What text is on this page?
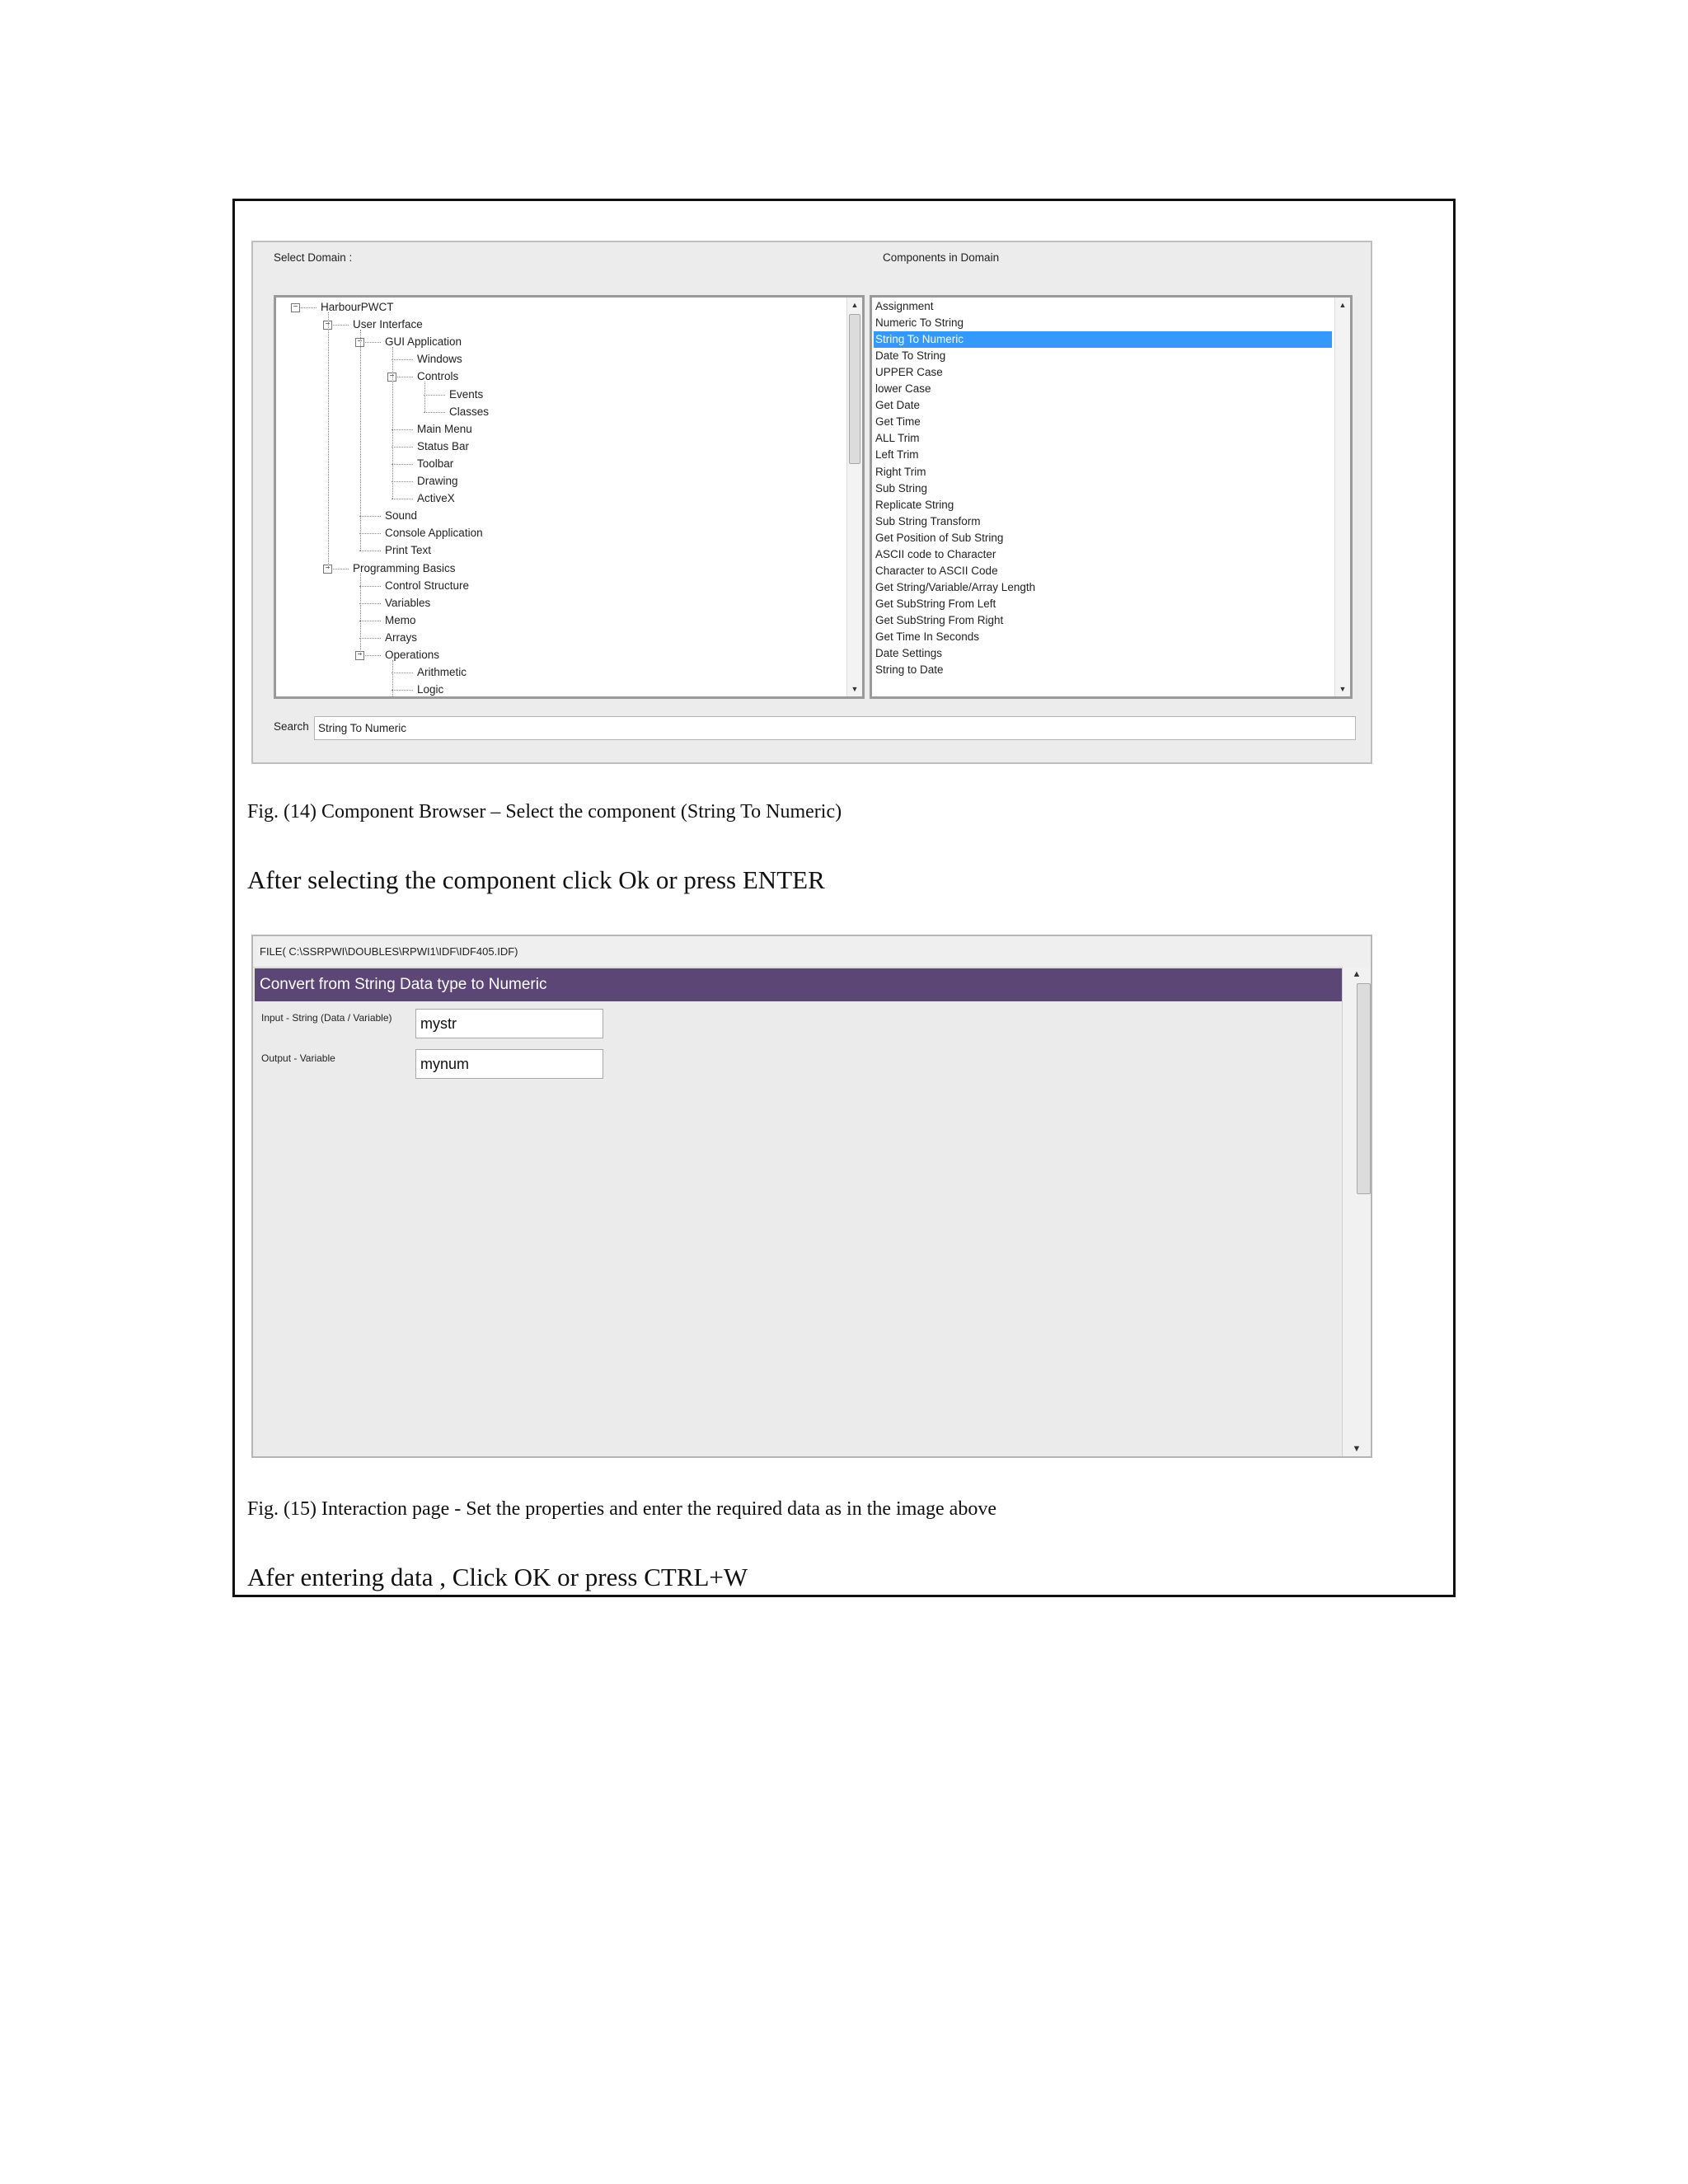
Select Domain :	Components in Domain
− HarbourPWCT
− User Interface
− GUI Application
Windows
− Controls
Events
Classes
Main Menu
Status Bar
Toolbar
Drawing
ActiveX
Sound
Console Application
Print Text
− Programming Basics
Control Structure
Variables
Memo
Arrays
− Operations
Arithmetic
Logic
▲
▼
Assignment
Numeric To String
String To Numeric
Date To String
UPPER Case
lower Case
Get Date
Get Time
ALL Trim
Left Trim
Right Trim
Sub String
Replicate String
Sub String Transform
Get Position of Sub String
ASCII code to Character
Character to ASCII Code
Get String/Variable/Array Length
Get SubString From Left
Get SubString From Right
Get Time In Seconds
Date Settings
String to Date
▲
▼
Search String To Numeric
Fig. (14) Component Browser – Select the component (String To Numeric)
After selecting the component click Ok or press ENTER
FILE( C:\SSRPWI\DOUBLES\RPWI1\IDF\IDF405.IDF)
Convert from String Data type to Numeric
Input - String (Data / Variable)	mystr
Output - Variable	mynum
▲
▼
Fig. (15) Interaction page - Set the properties and enter the required data as in the image above
Afer entering data , Click OK or press CTRL+W
